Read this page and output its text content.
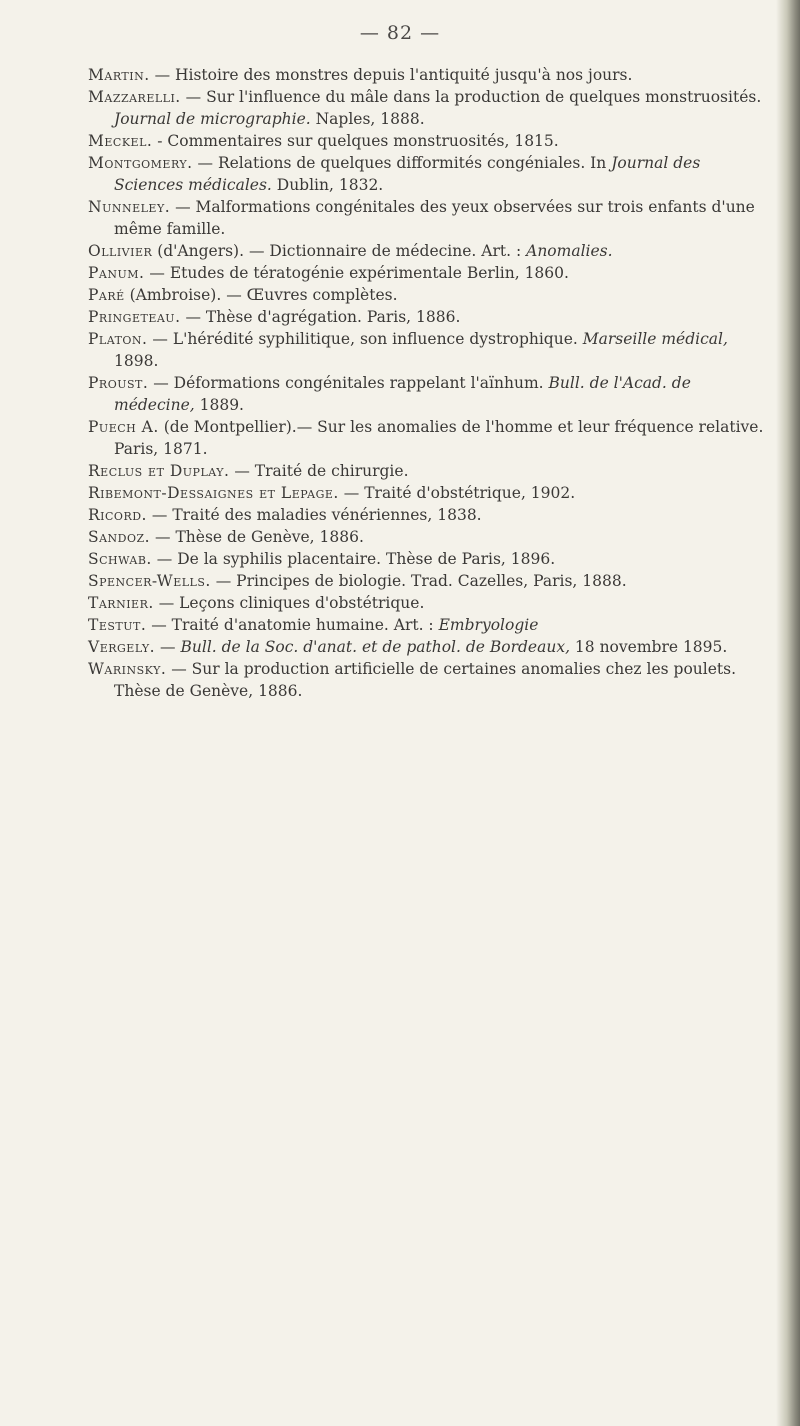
— 82 —

Martin. — Histoire des monstres depuis l'antiquité jusqu'à nos jours.

Mazzarelli. — Sur l'influence du mâle dans la production de quelques monstruosités. Journal de micrographie. Naples, 1888.

Meckel. - Commentaires sur quelques monstruosités, 1815.

Montgomery. — Relations de quelques difformités congéniales. In Journal des Sciences médicales. Dublin, 1832.

Nunneley. — Malformations congénitales des yeux observées sur trois enfants d'une même famille.

Ollivier (d'Angers). — Dictionnaire de médecine. Art. : Anomalies.

Panum. — Etudes de tératogénie expérimentale Berlin, 1860.

Paré (Ambroise). — Œuvres complètes.

Pringeteau. — Thèse d'agrégation. Paris, 1886.

Platon. — L'hérédité syphilitique, son influence dystrophique. Marseille médical, 1898.

Proust. — Déformations congénitales rappelant l'aïnhum. Bull. de l'Acad. de médecine, 1889.

Puech A. (de Montpellier).— Sur les anomalies de l'homme et leur fréquence relative. Paris, 1871.

Reclus et Duplay. — Traité de chirurgie.

Ribemont-Dessaignes et Lepage. — Traité d'obstétrique, 1902.

Ricord. — Traité des maladies vénériennes, 1838.

Sandoz. — Thèse de Genève, 1886.

Schwab. — De la syphilis placentaire. Thèse de Paris, 1896.

Spencer-Wells. — Principes de biologie. Trad. Cazelles, Paris, 1888.

Tarnier. — Leçons cliniques d'obstétrique.

Testut. — Traité d'anatomie humaine. Art. : Embryologie

Vergely. — Bull. de la Soc. d'anat. et de pathol. de Bordeaux, 18 novembre 1895.

Warinsky. — Sur la production artificielle de certaines anomalies chez les poulets. Thèse de Genève, 1886.
